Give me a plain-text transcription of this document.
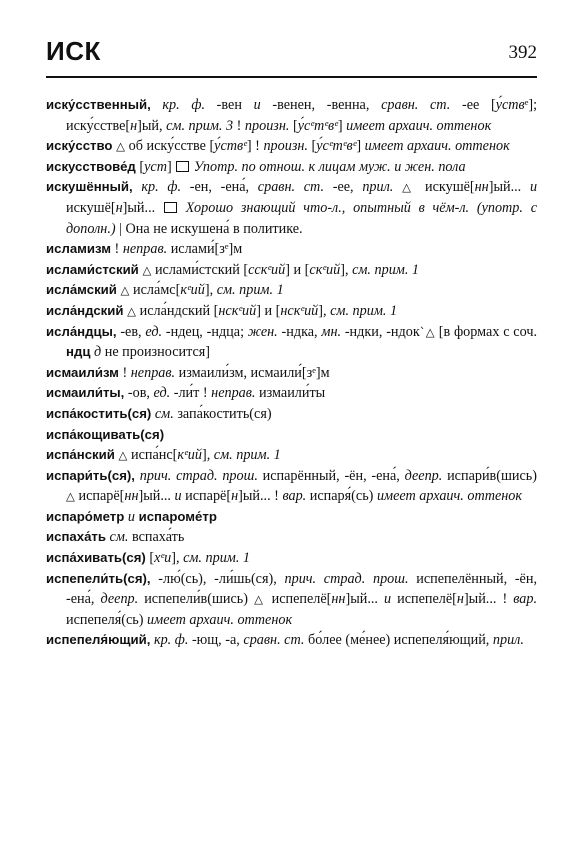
ИСК	392

иску́сственный, кр. ф. -вен и -венен, -венна, сравн. ст. -ее [у́ствᵉ]; иску́сстве[н]ый, см. прим. 3 ! произн. [у́сᵉтᵉвᵉ] имеет архаич. оттенок

иску́сство △ об иску́сстве [у́ствᵉ] ! произн. [у́сᵉтᵉвᵉ] имеет архаич. оттенок

искусствове́д [уст]  Употр. по отнош. к лицам муж. и жен. пола

искушённый, кр. ф. -ен, -ена́, сравн. ст. -ее, прил. △ искушё[нн]ый... и искушё[н]ый...  Хорошо знающий что-л., опытный в чём-л. (употр. с дополн.) | Она не искушена́ в политике.

исламизм ! неправ. ислами́[зᵉ]м

ислами́стский △ ислами́стский [сскᵉий] и [скᵉий], см. прим. 1

исла́мский △ исла́мс[кᵉий], см. прим. 1

исла́ндский △ исла́ндский [нскᵉий] и [нскᵉий], см. прим. 1

исла́ндцы, -ев, ед. -ндец, -ндца; жен. -ндка, мн. -ндки, -ндок`△ [в формах с соч. ндц д не произносится]

исмаили́зм ! неправ. измаили́зм, исмаили́[зᵉ]м

исмаили́ты, -ов, ед. -ли́т ! неправ. измаили́ты

испа́костить(ся) см. запа́костить(ся)

испа́кощивать(ся)

испа́нский △ испа́нс[кᵉий], см. прим. 1

испари́ть(ся), прич. страд. прош. испарённый, -ён, -ена́, деепр. испари́в(шись) △ испарё[нн]ый... и испарё[н]ый... ! вар. испаря́(сь) имеет архаич. оттенок

испаро́метр и испароме́тр

испаха́ть см. вспаха́ть

испа́хивать(ся) [хᵉи], см. прим. 1

испепели́ть(ся), -лю́(сь), -ли́шь(ся), прич. страд. прош. испепелённый, -ён, -ена́, деепр. испепели́в(шись) △ испепелё[нн]ый... и испепелё[н]ый... ! вар. испепеля́(сь) имеет архаич. оттенок

испепеля́ющий, кр. ф. -ющ, -а, сравн. ст. бо́лее (ме́нее) испепеля́ющий, прил.
